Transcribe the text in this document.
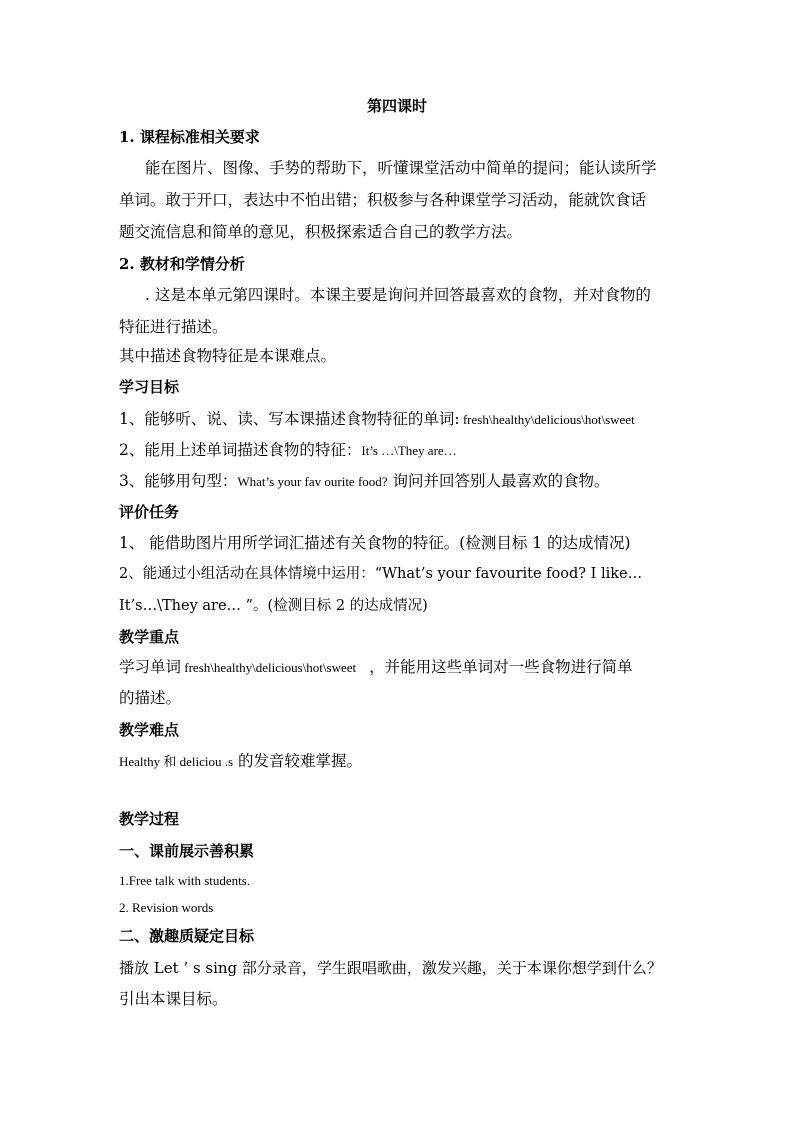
第四课时
1. 课程标准相关要求
能在图片、图像、手势的帮助下，听懂课堂活动中简单的提问；能认读所学
单词。敢于开口，表达中不怕出错；积极参与各种课堂学习活动，能就饮食话
题交流信息和简单的意见，积极探索适合自己的教学方法。
2. 教材和学情分析
. 这是本单元第四课时。本课主要是询问并回答最喜欢的食物，并对食物的
特征进行描述。
其中描述食物特征是本课难点。
学习目标
1、能够听、说、读、写本课描述食物特征的单词: fresh\healthy\delicious\hot\sweet
2、能用上述单词描述食物的特征：It’s …\They are…
3、能够用句型：What’s your fav ourite food? 询问并回答别人最喜欢的食物。
评价任务
1、 能借助图片用所学词汇描述有关食物的特征。(检测目标 1 的达成情况)
2、能通过小组活动在具体情境中运用：“What’s your favourite food? I like…
It’s…\They are… ”。(检测目标 2 的达成情况)
教学重点
学习单词 fresh\healthy\delicious\hot\sweet    ，并能用这些单词对一些食物进行简单
的描述。
教学难点
Healthy 和 deliciou .s 的发音较难掌握。
教学过程
一、课前展示善积累
1.Free talk with students.
2. Revision words
二、激趣质疑定目标
播放 Let ’ s sing 部分录音，学生跟唱歌曲，激发兴趣，关于本课你想学到什么？
引出本课目标。
